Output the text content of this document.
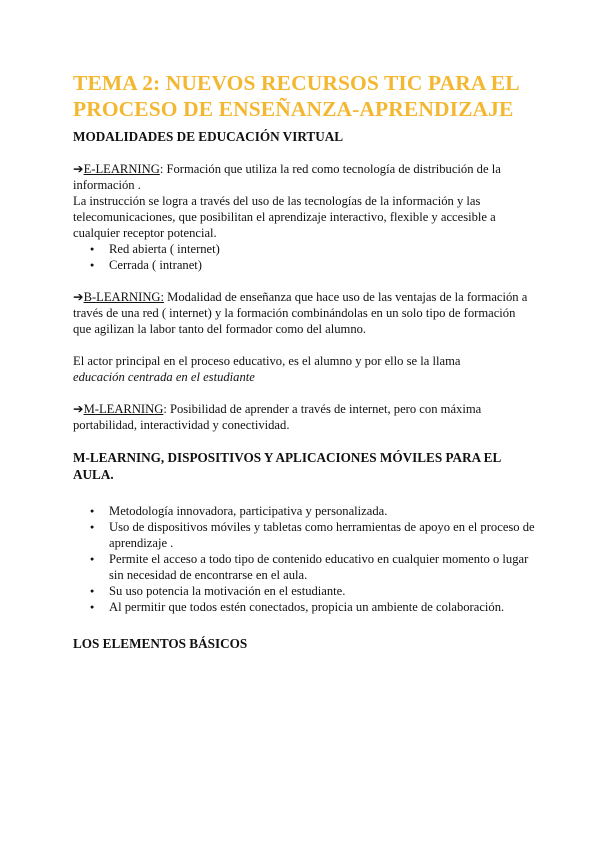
TEMA 2: NUEVOS RECURSOS TIC PARA EL
PROCESO DE ENSEÑANZA-APRENDIZAJE

MODALIDADES DE EDUCACIÓN VIRTUAL

➔E-LEARNING: Formación que utiliza la red como tecnología de distribución de la información .

La instrucción se logra a través del uso de las tecnologías de la información y las telecomunicaciones, que posibilitan el aprendizaje interactivo, flexible y accesible a cualquier receptor potencial.

● Red abierta ( internet)
● Cerrada ( intranet)

➔B-LEARNING: Modalidad de enseñanza que hace uso de las ventajas de la formación a través de una red ( internet) y la formación combinándolas en un solo tipo de formación que agilizan la labor tanto del formador como del alumno.

El actor principal en el proceso educativo, es el alumno y por ello se la llama
educación centrada en el estudiante

➔M-LEARNING: Posibilidad de aprender a través de internet, pero con máxima portabilidad, interactividad y conectividad.

M-LEARNING, DISPOSITIVOS Y APLICACIONES MÓVILES PARA EL AULA.

● Metodología innovadora, participativa y personalizada.
● Uso de dispositivos móviles y tabletas como herramientas de apoyo en el proceso de aprendizaje .
● Permite el acceso a todo tipo de contenido educativo en cualquier momento o lugar sin necesidad de encontrarse en el aula.
● Su uso potencia la motivación en el estudiante.
● Al permitir que todos estén conectados, propicia un ambiente de colaboración.

LOS ELEMENTOS BÁSICOS
